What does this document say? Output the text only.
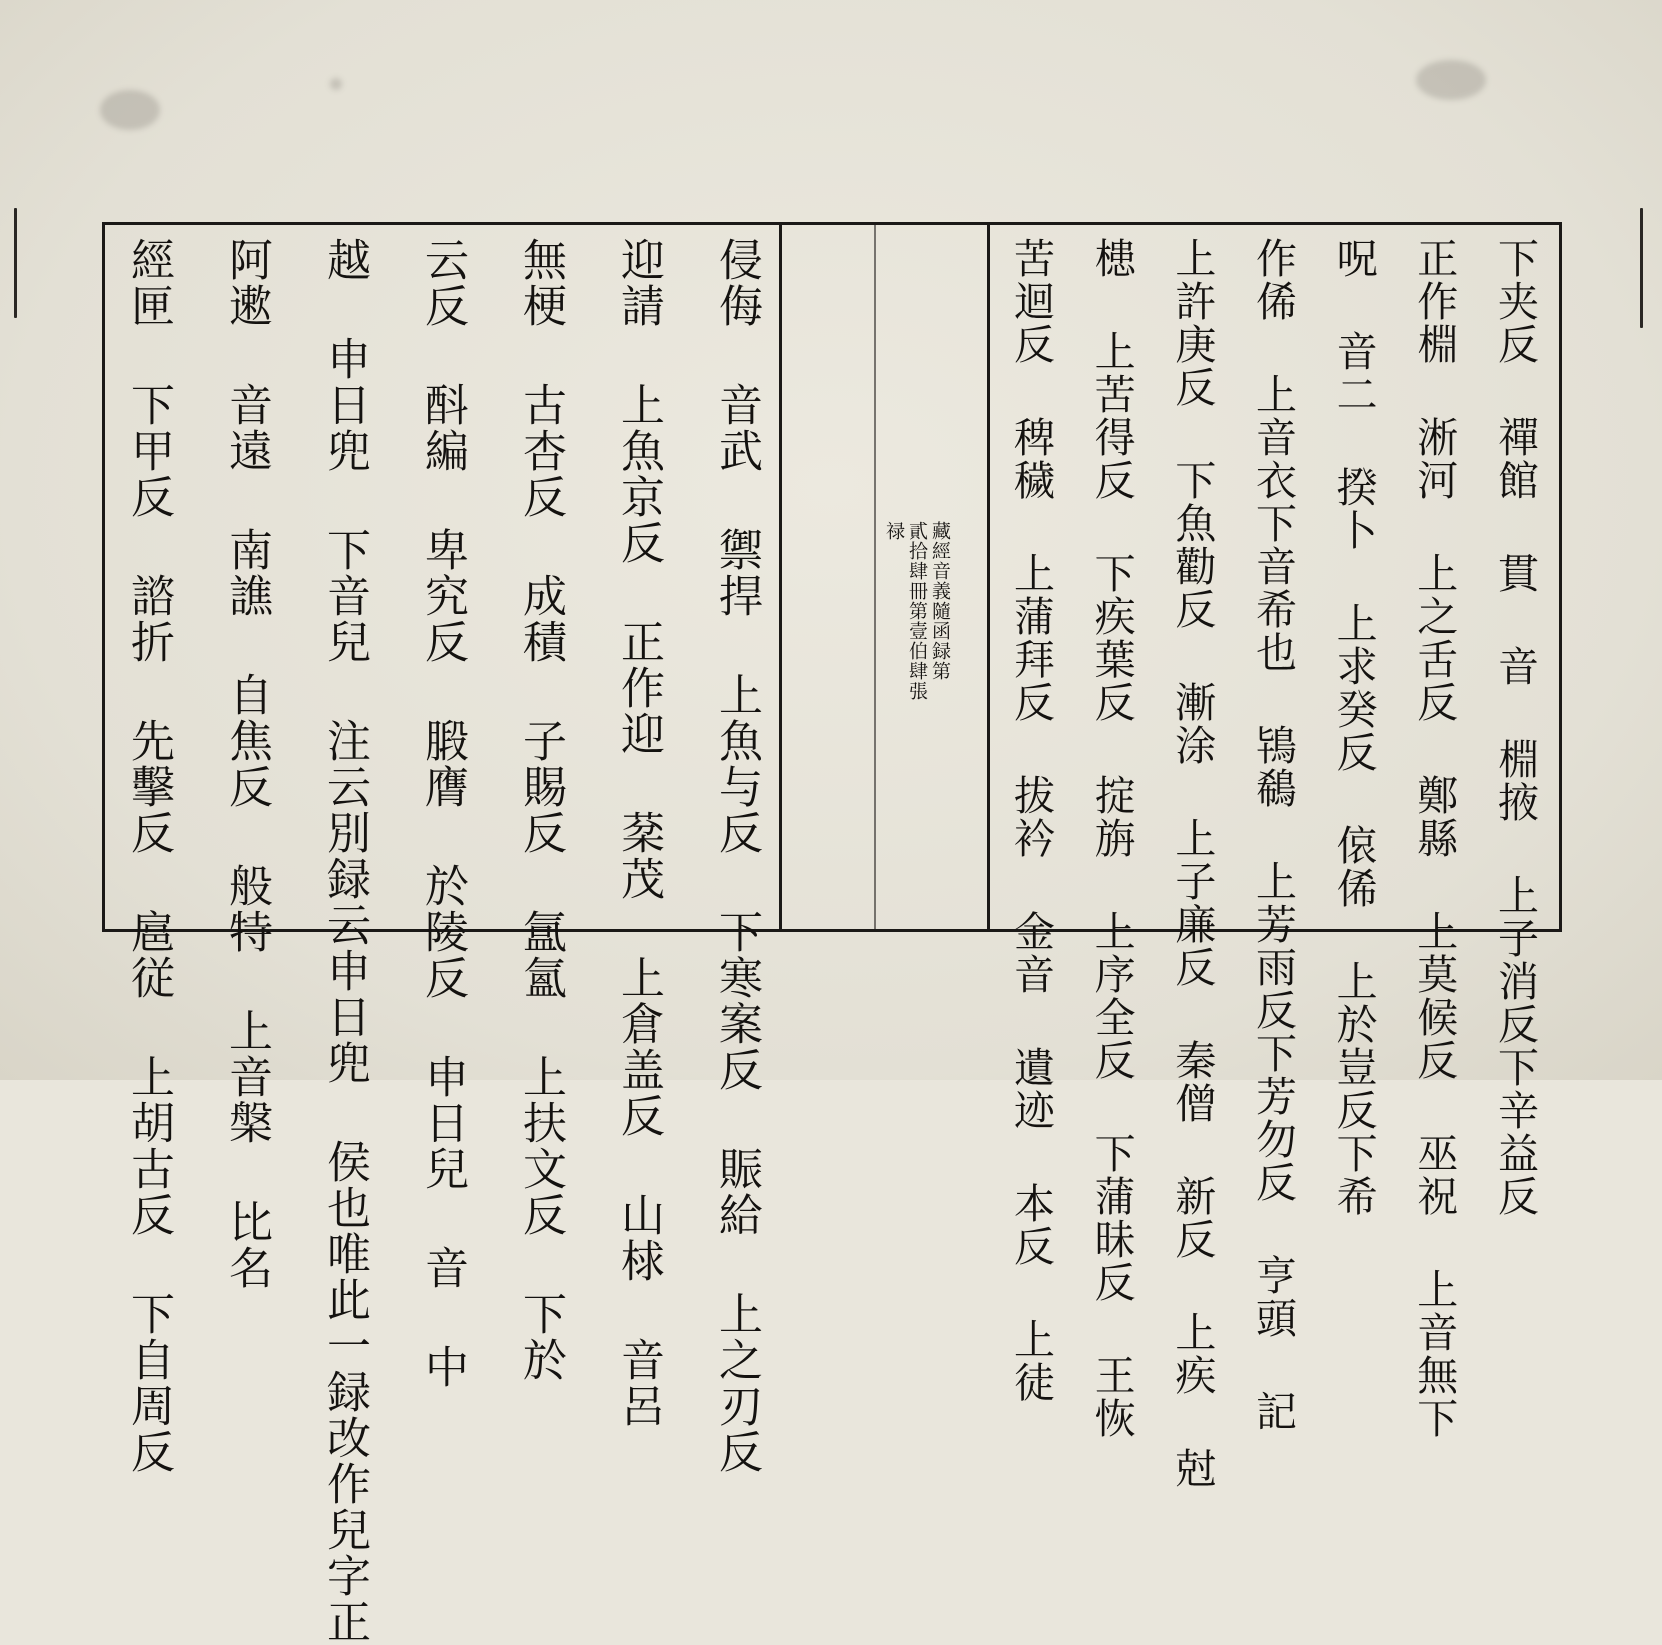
侵侮 音武 禦捍 上魚与反 下寒案反 賑給 上之刃反
迎請 上魚京反 正作迎 棻茂 上倉盖反 山梂 音呂
無梗 古杏反 成積 子賜反 氲氳 上扶文反 下於
云反 酙編 卑究反 腶膺 於陵反 申日兒 音 中
越 申日兜 下音兒 注云別録云申日兜 侯也唯此一録改作兒字正
阿遬 音遠 南譙 自焦反 般特 上音槃 比名
經匣 下甲反 諮折 先擊反 扈従 上胡古反 下自周反	藏經音義隨函録第
貳拾肆冊第壹伯肆張
禄	下夹反 禪館 貫 音 棩掖 上子消反下辛益反
正作棩 淅河 上之舌反 鄭縣 上莫候反 巫祝 上音無下
呪 音二 揆卜 上求癸反 偯俙 上於豈反下希
作俙 上音衣下音希也 鴇鵗 上芳雨反下芳勿反 亨頭 記
上許庚反 下魚勸反 漸涂 上子廉反 秦僧 新反 上疾 尅
槵 上苦得反 下疾葉反 掟旃 上序全反 下蒲昧反 王恢
苦迴反 稗穢 上蒲拜反 拔衿 金音 遺迹 本反 上徒
